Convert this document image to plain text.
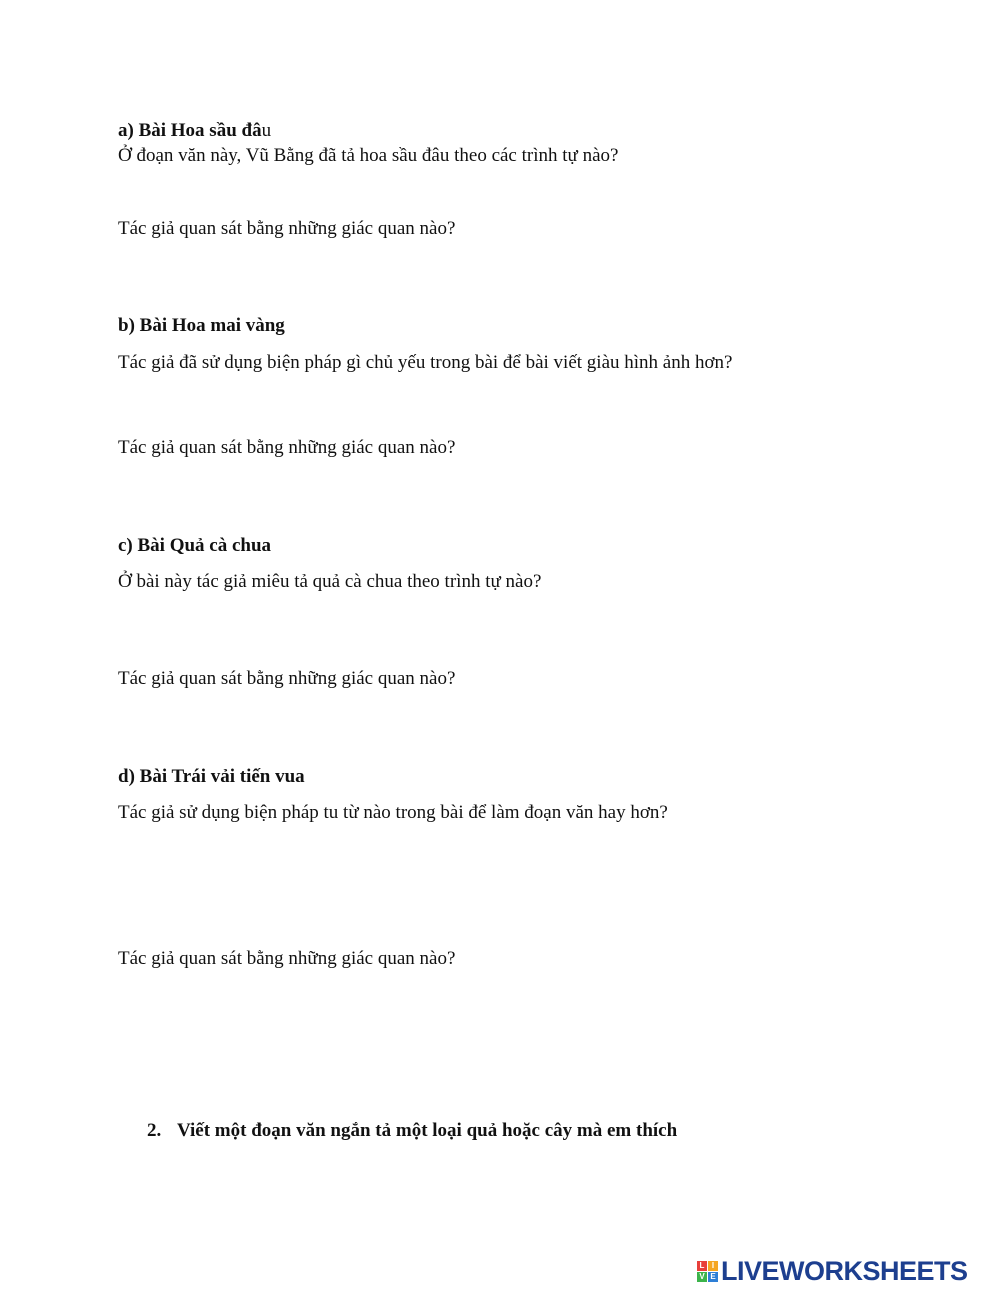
a) Bài Hoa sầu đâu
Ở đoạn văn này, Vũ Bằng đã tả hoa sầu đâu theo các trình tự nào?
Tác giả quan sát bằng những giác quan nào?
b) Bài Hoa mai vàng
Tác giả đã sử dụng biện pháp gì chủ yếu trong bài để bài viết giàu hình ảnh hơn?
Tác giả quan sát bằng những giác quan nào?
c) Bài Quả cà chua
Ở bài này tác giả miêu tả quả cà chua theo trình tự nào?
Tác giả quan sát bằng những giác quan nào?
d) Bài Trái vải tiến vua
Tác giả sử dụng biện pháp tu từ nào trong bài để làm đoạn văn hay hơn?
Tác giả quan sát bằng những giác quan nào?
2. Viết một đoạn văn ngắn tả một loại quả hoặc cây mà em thích
L I
V E LIVEWORKSHEETS
